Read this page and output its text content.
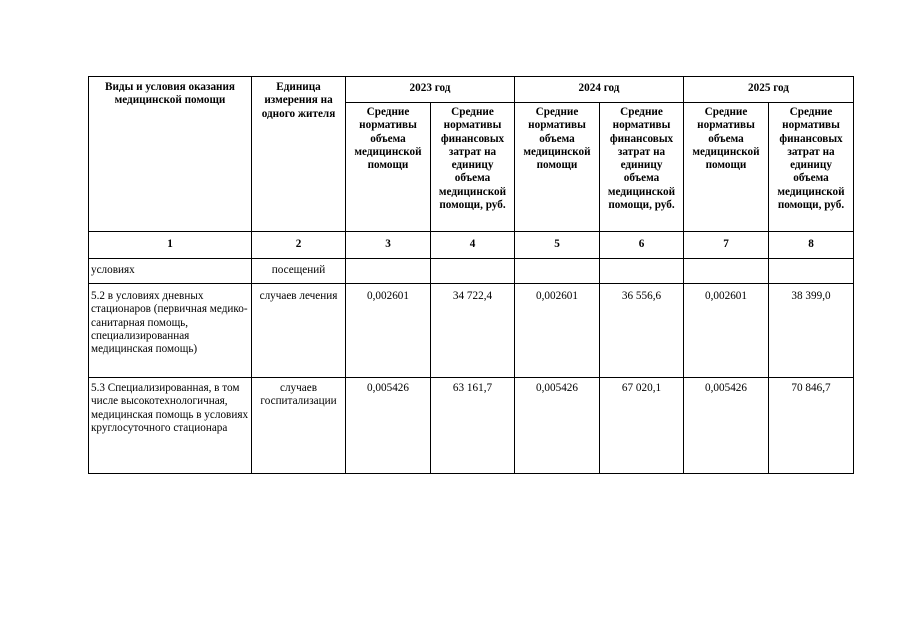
Виды и условия оказания медицинской помощи	Единица измерения на одного жителя	2023 год		2024 год		2025 год	
		Средние нормативы объема медицинской помощи	Средние нормативы финансовых затрат на единицу объема медицинской помощи, руб.	Средние нормативы объема медицинской помощи	Средние нормативы финансовых затрат на единицу объема медицинской помощи, руб.	Средние нормативы объема медицинской помощи	Средние нормативы финансовых затрат на единицу объема медицинской помощи, руб.
1	2	3	4	5	6	7	8
условиях	посещений						
5.2 в условиях дневных стационаров (первичная медико-санитарная помощь, специализированная медицинская помощь)	случаев лечения	0,002601	34 722,4	0,002601	36 556,6	0,002601	38 399,0
5.3 Специализированная, в том числе высокотехнологичная, медицинская помощь в условиях круглосуточного стационара	случаев госпитализации	0,005426	63 161,7	0,005426	67 020,1	0,005426	70 846,7
